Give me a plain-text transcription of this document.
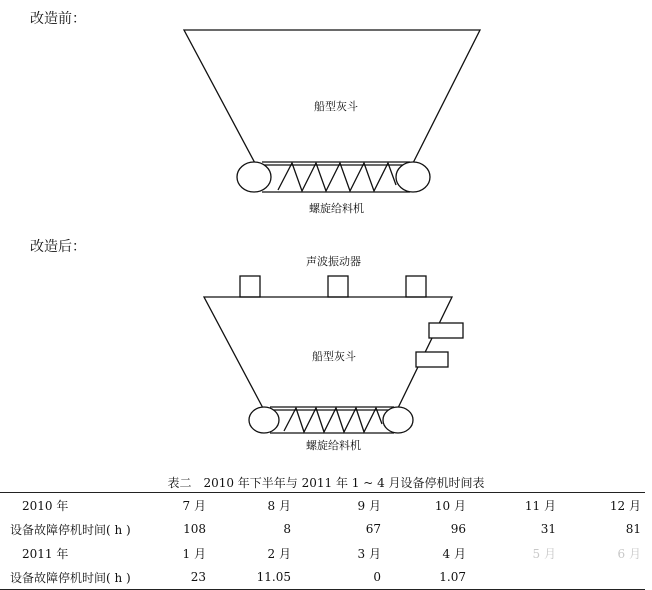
改造前：
船型灰斗
螺旋给料机
改造后：
声波振动器
船型灰斗
螺旋给料机
表二　2010 年下半年与 2011 年 1 ~ 4 月设备停机时间表
2010 年	7 月	8 月	9 月	10 月	11 月	12 月
设备故障停机时间( h )	108	8	67	96	31	81
2011 年	1 月	2 月	3 月	4 月	5 月	6 月
设备故障停机时间( h )	23	11.05	0	1.07		
